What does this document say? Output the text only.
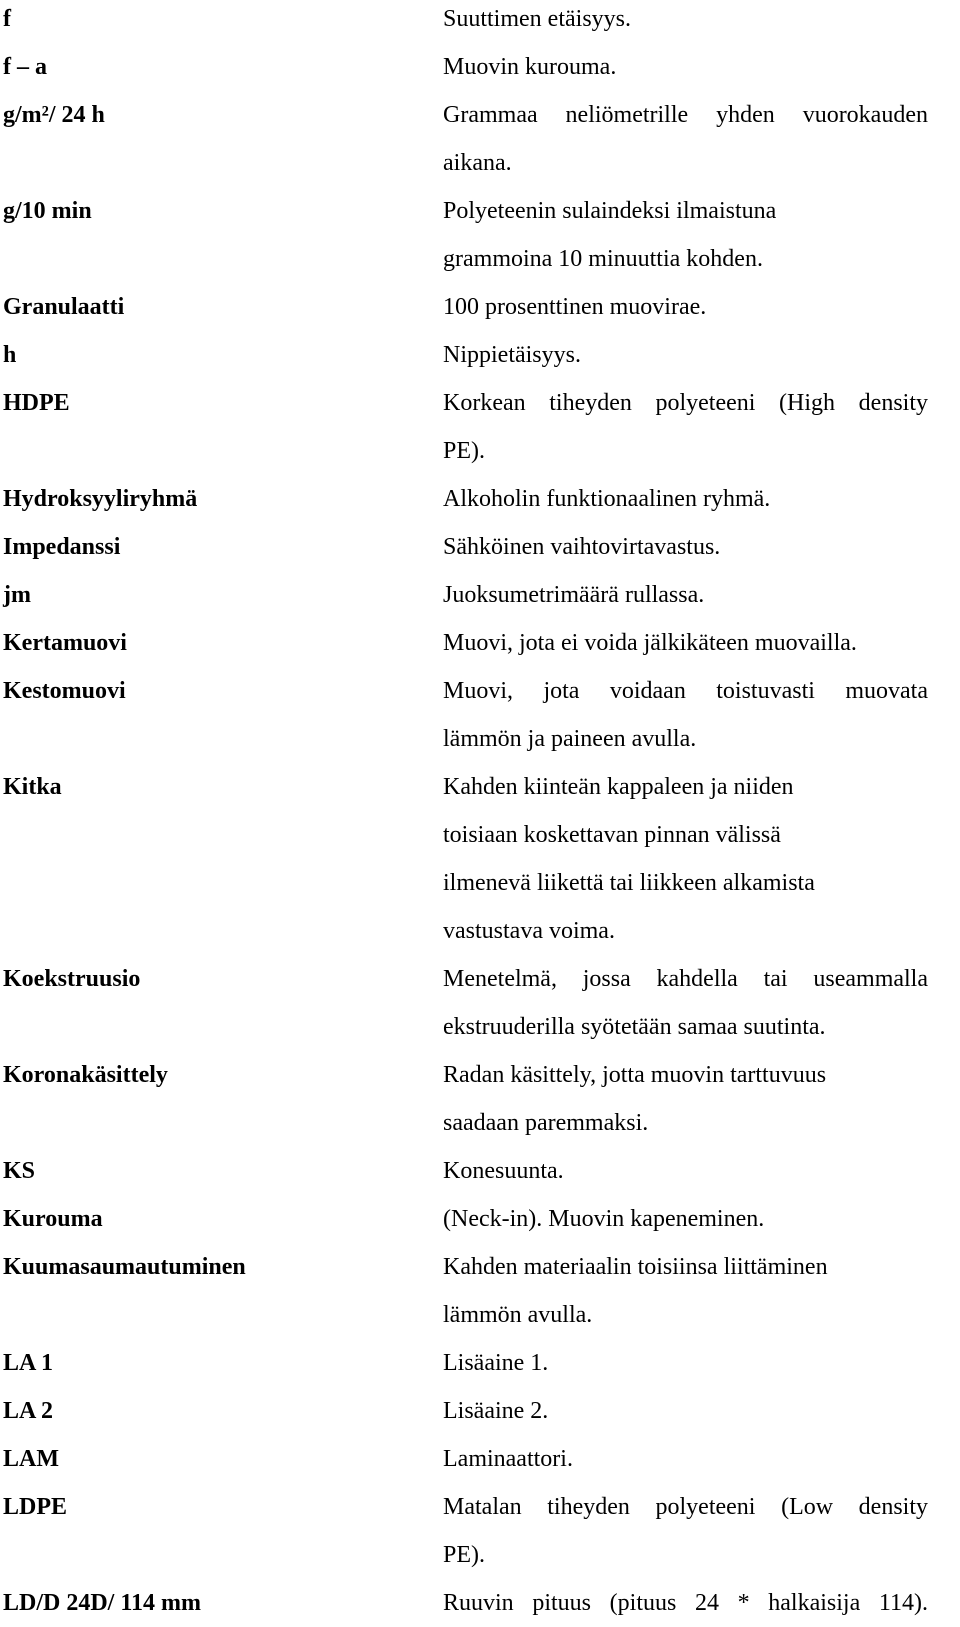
f	Suuttimen etäisyys.
f – a	Muovin kurouma.
g/m²/ 24 h	Grammaa neliömetrille yhden vuorokauden
aikana.
g/10 min	Polyeteenin sulaindeksi ilmaistuna
grammoina 10 minuuttia kohden.
Granulaatti	100 prosenttinen muovirae.
h	Nippietäisyys.
HDPE	Korkean tiheyden polyeteeni (High density
PE).
Hydroksyyliryhmä	Alkoholin funktionaalinen ryhmä.
Impedanssi	Sähköinen vaihtovirtavastus.
jm	Juoksumetrimäärä rullassa.
Kertamuovi	Muovi, jota ei voida jälkikäteen muovailla.
Kestomuovi	Muovi, jota voidaan toistuvasti muovata
lämmön ja paineen avulla.
Kitka	Kahden kiinteän kappaleen ja niiden
toisiaan koskettavan pinnan välissä
ilmenevä liikettä tai liikkeen alkamista
vastustava voima.
Koekstruusio	Menetelmä, jossa kahdella tai useammalla
ekstruuderilla syötetään samaa suutinta.
Koronakäsittely	Radan käsittely, jotta muovin tarttuvuus
saadaan paremmaksi.
KS	Konesuunta.
Kurouma	(Neck-in). Muovin kapeneminen.
Kuumasaumautuminen	Kahden materiaalin toisiinsa liittäminen
lämmön avulla.
LA 1	Lisäaine 1.
LA 2	Lisäaine 2.
LAM	Laminaattori.
LDPE	Matalan tiheyden polyeteeni (Low density
PE).
LD/D 24D/ 114 mm	Ruuvin pituus (pituus 24 * halkaisija 114).
